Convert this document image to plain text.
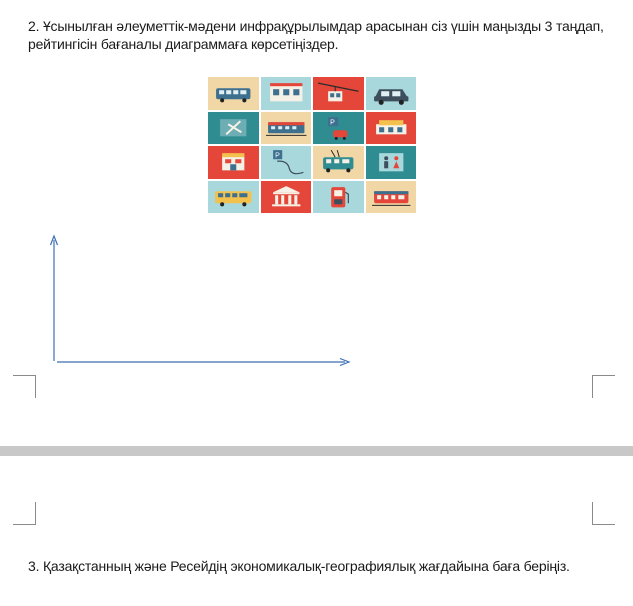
2. Ұсынылған әлеуметтік-мәдени инфрақұрылымдар арасынан сіз үшін маңызды 3 таңдап, рейтингісін бағаналы диаграммаға көрсетіңіздер.
P
P
3. Қазақстанның және Ресейдің экономикалық-географиялық жағдайына баға беріңіз.
